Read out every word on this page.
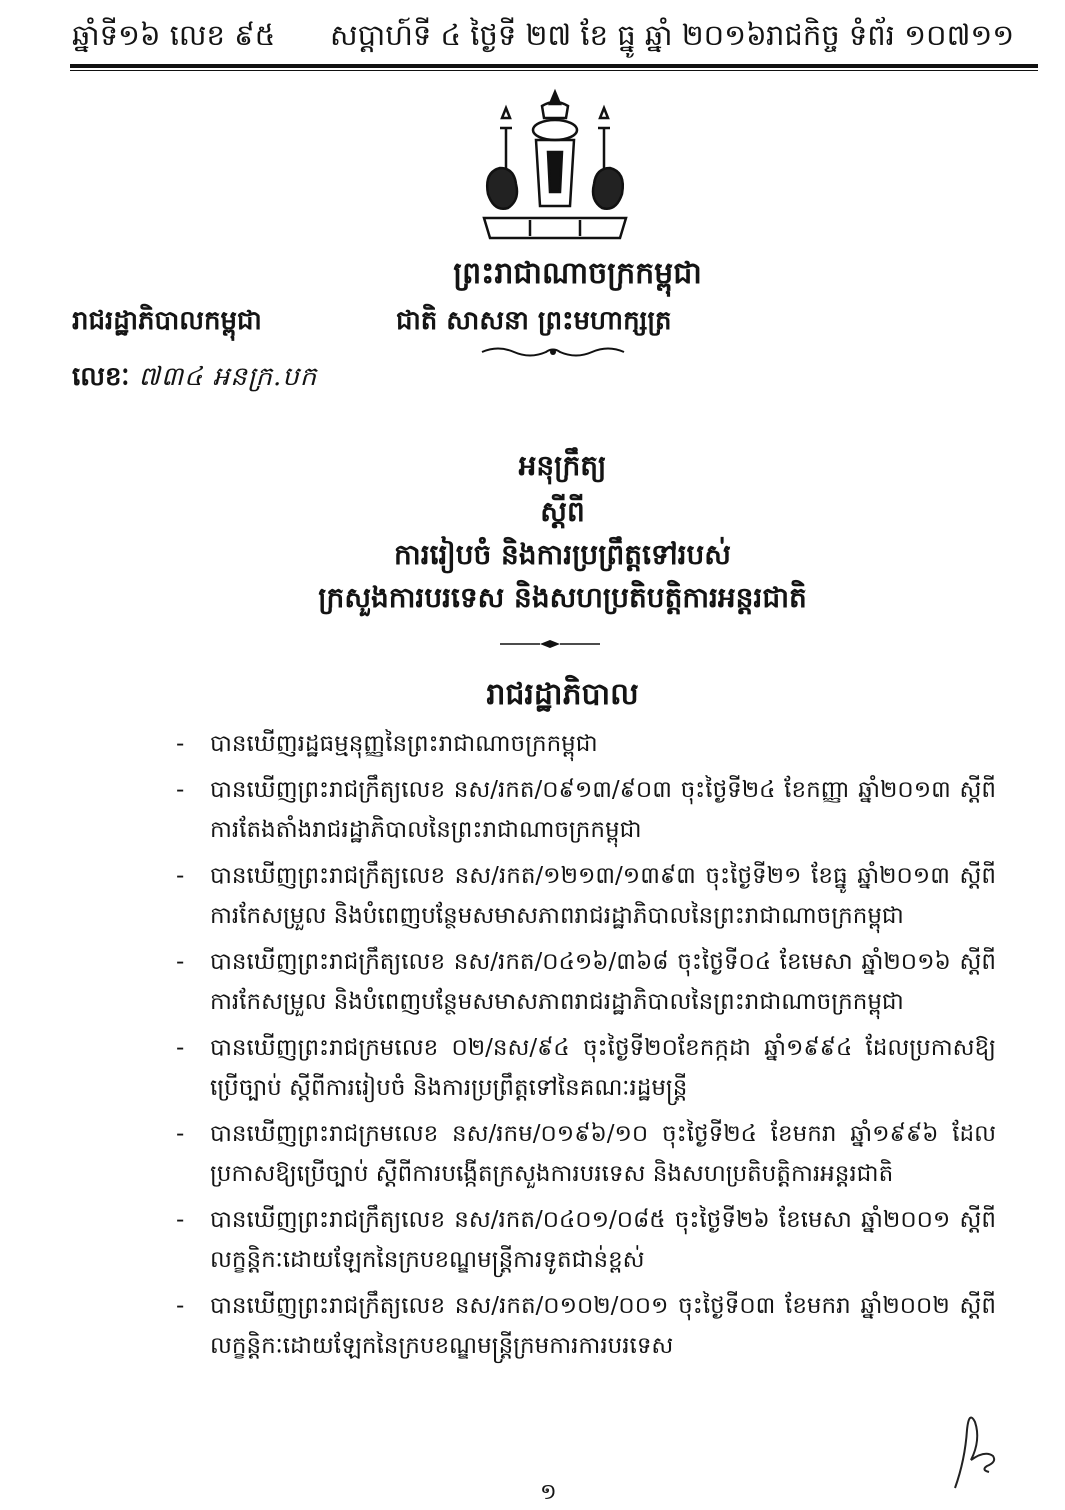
ឆ្នាំទី១៦ លេខ ៩៥ សប្ដាហ៍ទី ៤ ថ្ងៃទី ២៧ ខែ ធ្នូ ឆ្នាំ ២០១៦ រាជកិច្ច ទំព័រ ១០៧១១
ព្រះរាជាណាចក្រកម្ពុជា
រាជរដ្ឋាភិបាលកម្ពុជា	ជាតិ សាសនា ព្រះមហាក្សត្រ
លេខៈ ៧៣៤ អនក្រ.បក
អនុក្រឹត្យ
ស្ដីពី
ការរៀបចំ និងការប្រព្រឹត្តទៅរបស់
ក្រសួងការបរទេស និងសហប្រតិបត្តិការអន្តរជាតិ
រាជរដ្ឋាភិបាល
- បានឃើញរដ្ឋធម្មនុញ្ញនៃព្រះរាជាណាចក្រកម្ពុជា
- បានឃើញព្រះរាជក្រឹត្យលេខ នស/រកត/០៩១៣/៩០៣ ចុះថ្ងៃទី២៤ ខែកញ្ញា ឆ្នាំ២០១៣ ស្ដីពី ការតែងតាំងរាជរដ្ឋាភិបាលនៃព្រះរាជាណាចក្រកម្ពុជា
- បានឃើញព្រះរាជក្រឹត្យលេខ នស/រកត/១២១៣/១៣៩៣ ចុះថ្ងៃទី២១ ខែធ្នូ ឆ្នាំ២០១៣ ស្ដីពី ការកែសម្រួល និងបំពេញបន្ថែមសមាសភាពរាជរដ្ឋាភិបាលនៃព្រះរាជាណាចក្រកម្ពុជា
- បានឃើញព្រះរាជក្រឹត្យលេខ នស/រកត/០៤១៦/៣៦៨ ចុះថ្ងៃទី០៤ ខែមេសា ឆ្នាំ២០១៦ ស្ដីពី ការកែសម្រួល និងបំពេញបន្ថែមសមាសភាពរាជរដ្ឋាភិបាលនៃព្រះរាជាណាចក្រកម្ពុជា
- បានឃើញព្រះរាជក្រមលេខ ០២/នស/៩៤ ចុះថ្ងៃទី២០ខែកក្កដា ឆ្នាំ១៩៩៤ ដែលប្រកាសឱ្យ ប្រើច្បាប់ ស្ដីពីការរៀបចំ និងការប្រព្រឹត្តទៅនៃគណៈរដ្ឋមន្ត្រី
- បានឃើញព្រះរាជក្រមលេខ នស/រកម/០១៩៦/១០ ចុះថ្ងៃទី២៤ ខែមករា ឆ្នាំ១៩៩៦ ដែល ប្រកាសឱ្យប្រើច្បាប់ ស្ដីពីការបង្កើតក្រសួងការបរទេស និងសហប្រតិបត្តិការអន្តរជាតិ
- បានឃើញព្រះរាជក្រឹត្យលេខ នស/រកត/០៤០១/០៨៥ ចុះថ្ងៃទី២៦ ខែមេសា ឆ្នាំ២០០១ ស្ដីពី លក្ខន្តិកៈដោយឡែកនៃក្របខណ្ឌមន្ត្រីការទូតជាន់ខ្ពស់
- បានឃើញព្រះរាជក្រឹត្យលេខ នស/រកត/០១០២/០០១ ចុះថ្ងៃទី០៣ ខែមករា ឆ្នាំ២០០២ ស្ដីពី លក្ខន្តិកៈដោយឡែកនៃក្របខណ្ឌមន្ត្រីក្រមការការបរទេស
១
